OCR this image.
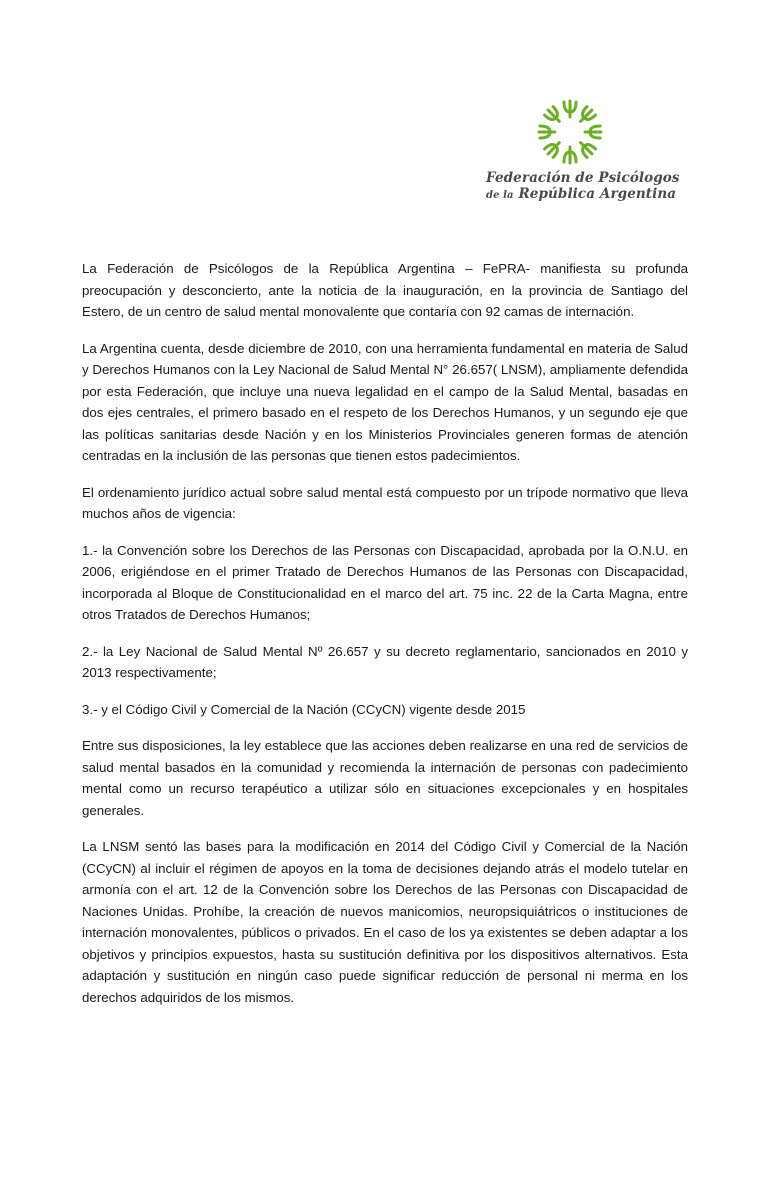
Federación de Psicólogos
de la República Argentina

La Federación de Psicólogos de la República Argentina – FePRA- manifiesta su profunda preocupación y desconcierto, ante la noticia de la inauguración, en la provincia de Santiago del Estero, de un centro de salud mental monovalente que contaría con 92 camas de internación.

La Argentina cuenta, desde diciembre de 2010, con una herramienta fundamental en materia de Salud y Derechos Humanos con la Ley Nacional de Salud Mental N° 26.657( LNSM), ampliamente defendida por esta Federación, que incluye una nueva legalidad en el campo de la Salud Mental, basadas en dos ejes centrales, el primero basado en el respeto de los Derechos Humanos, y un segundo eje que las políticas sanitarias desde Nación y en los Ministerios Provinciales generen formas de atención centradas en la inclusión de las personas que tienen estos padecimientos.

El ordenamiento jurídico actual sobre salud mental está compuesto por un trípode normativo que lleva muchos años de vigencia:

1.- la Convención sobre los Derechos de las Personas con Discapacidad, aprobada por la O.N.U. en 2006, erigiéndose en el primer Tratado de Derechos Humanos de las Personas con Discapacidad, incorporada al Bloque de Constitucionalidad en el marco del art. 75 inc. 22 de la Carta Magna, entre otros Tratados de Derechos Humanos;

2.- la Ley Nacional de Salud Mental Nº 26.657 y su decreto reglamentario, sancionados en 2010 y 2013 respectivamente;

3.- y el Código Civil y Comercial de la Nación (CCyCN) vigente desde 2015

Entre sus disposiciones, la ley establece que las acciones deben realizarse en una red de servicios de salud mental basados en la comunidad y recomienda la internación de personas con padecimiento mental como un recurso terapéutico a utilizar sólo en situaciones excepcionales y en hospitales generales.

La LNSM sentó las bases para la modificación en 2014 del Código Civil y Comercial de la Nación (CCyCN) al incluir el régimen de apoyos en la toma de decisiones dejando atrás el modelo tutelar en armonía con el art. 12 de la Convención sobre los Derechos de las Personas con Discapacidad de Naciones Unidas. Prohíbe, la creación de nuevos manicomios, neuropsiquiátricos o instituciones de internación monovalentes, públicos o privados. En el caso de los ya existentes se deben adaptar a los objetivos y principios expuestos, hasta su sustitución definitiva por los dispositivos alternativos. Esta adaptación y sustitución en ningún caso puede significar reducción de personal ni merma en los derechos adquiridos de los mismos.
